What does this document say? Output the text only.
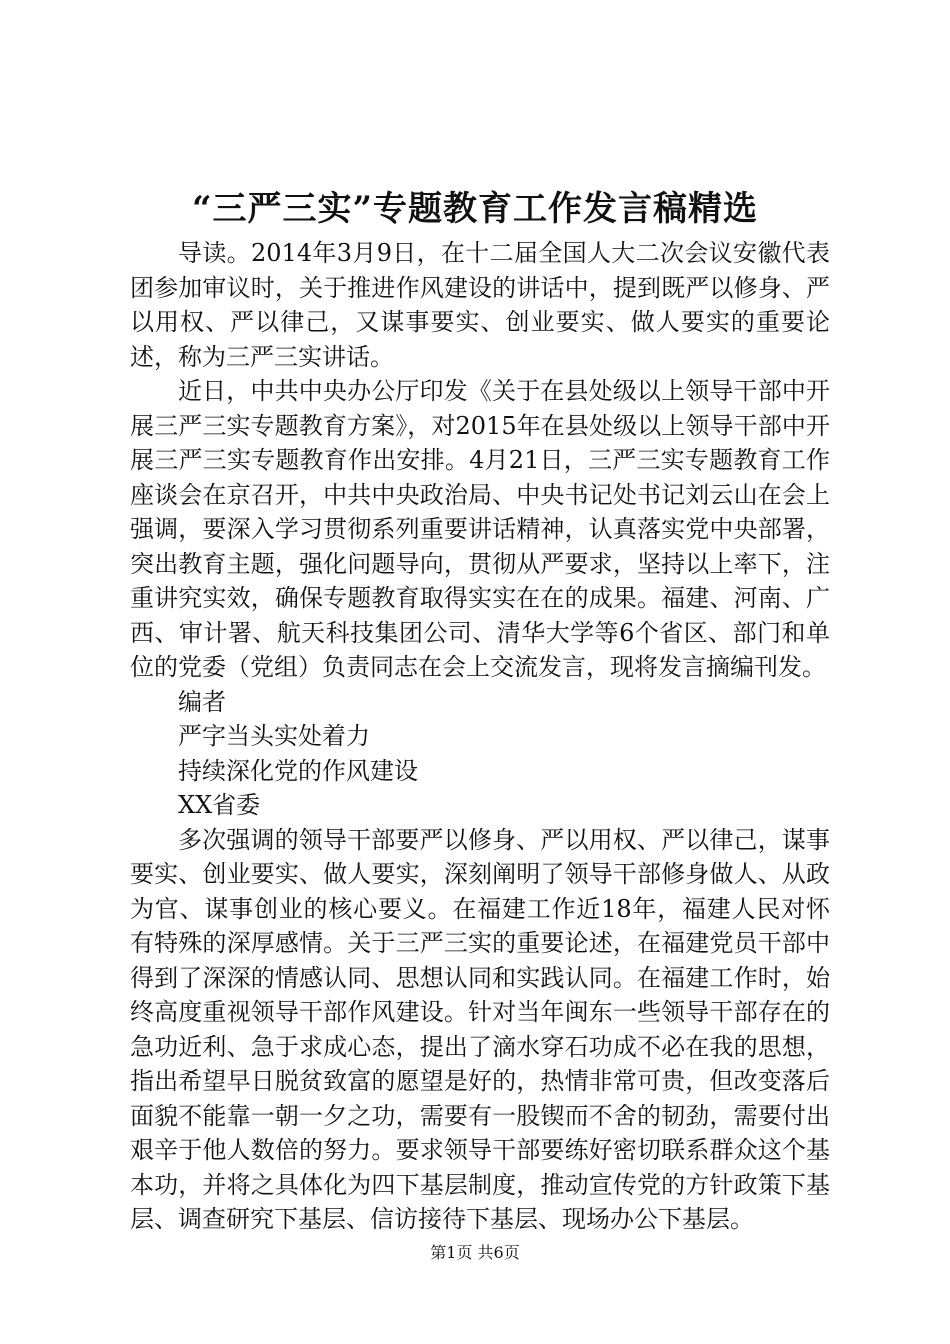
“三严三实”专题教育工作发言稿精选

导读。2014年3月9日，在十二届全国人大二次会议安徽代表团参加审议时，关于推进作风建设的讲话中，提到既严以修身、严以用权、严以律己，又谋事要实、创业要实、做人要实的重要论述，称为三严三实讲话。

近日，中共中央办公厅印发《关于在县处级以上领导干部中开展三严三实专题教育方案》，对2015年在县处级以上领导干部中开展三严三实专题教育作出安排。4月21日，三严三实专题教育工作座谈会在京召开，中共中央政治局、中央书记处书记刘云山在会上强调，要深入学习贯彻系列重要讲话精神，认真落实党中央部署，突出教育主题，强化问题导向，贯彻从严要求，坚持以上率下，注重讲究实效，确保专题教育取得实实在在的成果。福建、河南、广西、审计署、航天科技集团公司、清华大学等6个省区、部门和单位的党委（党组）负责同志在会上交流发言，现将发言摘编刊发。

编者

严字当头实处着力

持续深化党的作风建设

XX省委

多次强调的领导干部要严以修身、严以用权、严以律己，谋事要实、创业要实、做人要实，深刻阐明了领导干部修身做人、从政为官、谋事创业的核心要义。在福建工作近18年，福建人民对怀有特殊的深厚感情。关于三严三实的重要论述，在福建党员干部中得到了深深的情感认同、思想认同和实践认同。在福建工作时，始终高度重视领导干部作风建设。针对当年闽东一些领导干部存在的急功近利、急于求成心态，提出了滴水穿石功成不必在我的思想，指出希望早日脱贫致富的愿望是好的，热情非常可贵，但改变落后面貌不能靠一朝一夕之功，需要有一股锲而不舍的韧劲，需要付出艰辛于他人数倍的努力。要求领导干部要练好密切联系群众这个基本功，并将之具体化为四下基层制度，推动宣传党的方针政策下基层、调查研究下基层、信访接待下基层、现场办公下基层。

第1页 共6页
